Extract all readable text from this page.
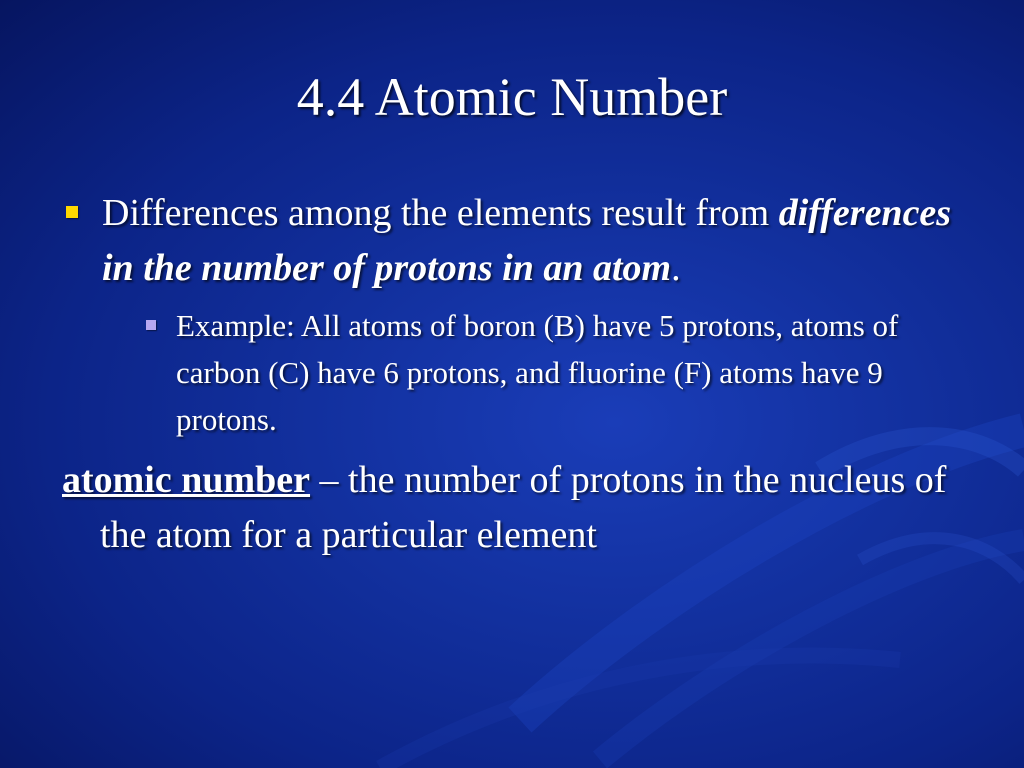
4.4 Atomic Number
Differences among the elements result from differences in the number of protons in an atom.
Example: All atoms of boron (B) have 5 protons, atoms of carbon (C) have 6 protons, and fluorine (F) atoms have 9 protons.
atomic number – the number of protons in the nucleus of the atom for a particular element
